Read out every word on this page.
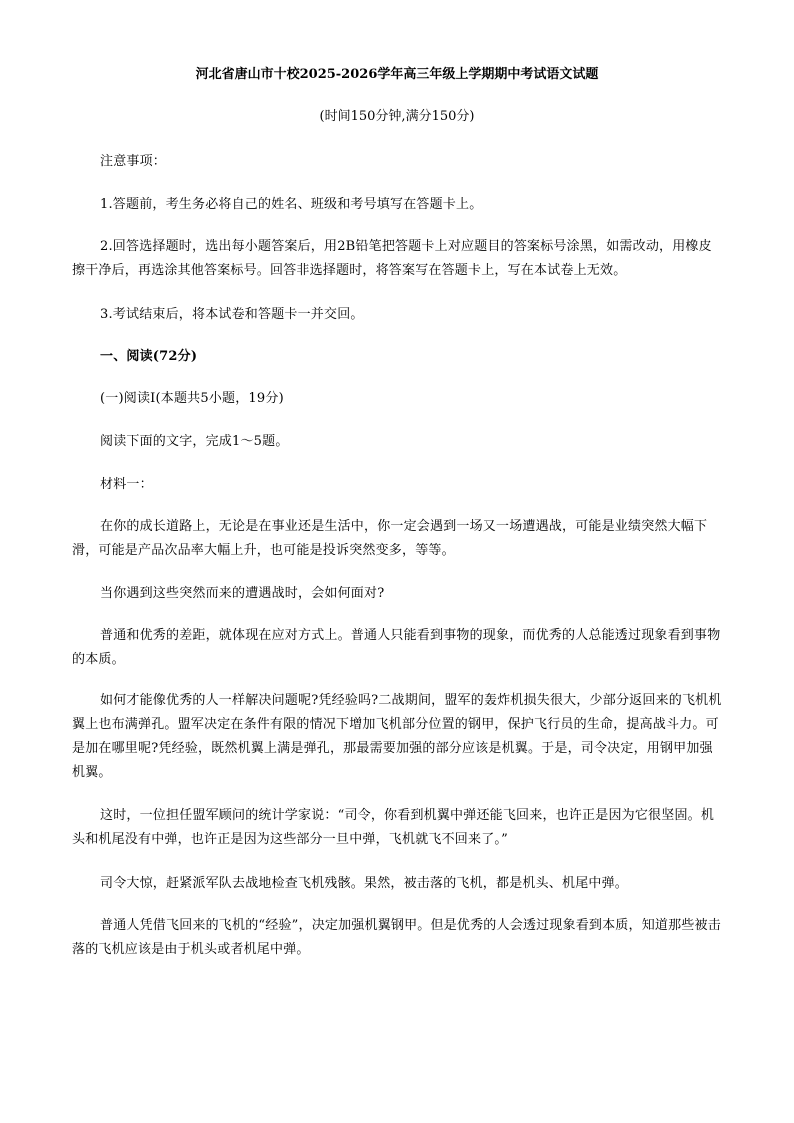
河北省唐山市十校2025-2026学年高三年级上学期期中考试语文试题
(时间150分钟,满分150分)
注意事项：
1.答题前，考生务必将自己的姓名、班级和考号填写在答题卡上。
2.回答选择题时，选出每小题答案后，用2B铅笔把答题卡上对应题目的答案标号涂黑，如需改动，用橡皮擦干净后，再选涂其他答案标号。回答非选择题时，将答案写在答题卡上，写在本试卷上无效。
3.考试结束后，将本试卷和答题卡一并交回。
一、阅读(72分)
(一)阅读Ⅰ(本题共5小题，19分)
阅读下面的文字，完成1～5题。
材料一：
在你的成长道路上，无论是在事业还是生活中，你一定会遇到一场又一场遭遇战，可能是业绩突然大幅下滑，可能是产品次品率大幅上升，也可能是投诉突然变多，等等。
当你遇到这些突然而来的遭遇战时，会如何面对?
普通和优秀的差距，就体现在应对方式上。普通人只能看到事物的现象，而优秀的人总能透过现象看到事物的本质。
如何才能像优秀的人一样解决问题呢?凭经验吗?二战期间，盟军的轰炸机损失很大，少部分返回来的飞机机翼上也布满弹孔。盟军决定在条件有限的情况下增加飞机部分位置的钢甲，保护飞行员的生命，提高战斗力。可是加在哪里呢?凭经验，既然机翼上满是弹孔，那最需要加强的部分应该是机翼。于是，司令决定，用钢甲加强机翼。
这时，一位担任盟军顾问的统计学家说：“司令，你看到机翼中弹还能飞回来，也许正是因为它很坚固。机头和机尾没有中弹，也许正是因为这些部分一旦中弹，飞机就飞不回来了。”
司令大惊，赶紧派军队去战地检查飞机残骸。果然，被击落的飞机，都是机头、机尾中弹。
普通人凭借飞回来的飞机的“经验”，决定加强机翼钢甲。但是优秀的人会透过现象看到本质，知道那些被击落的飞机应该是由于机头或者机尾中弹。
